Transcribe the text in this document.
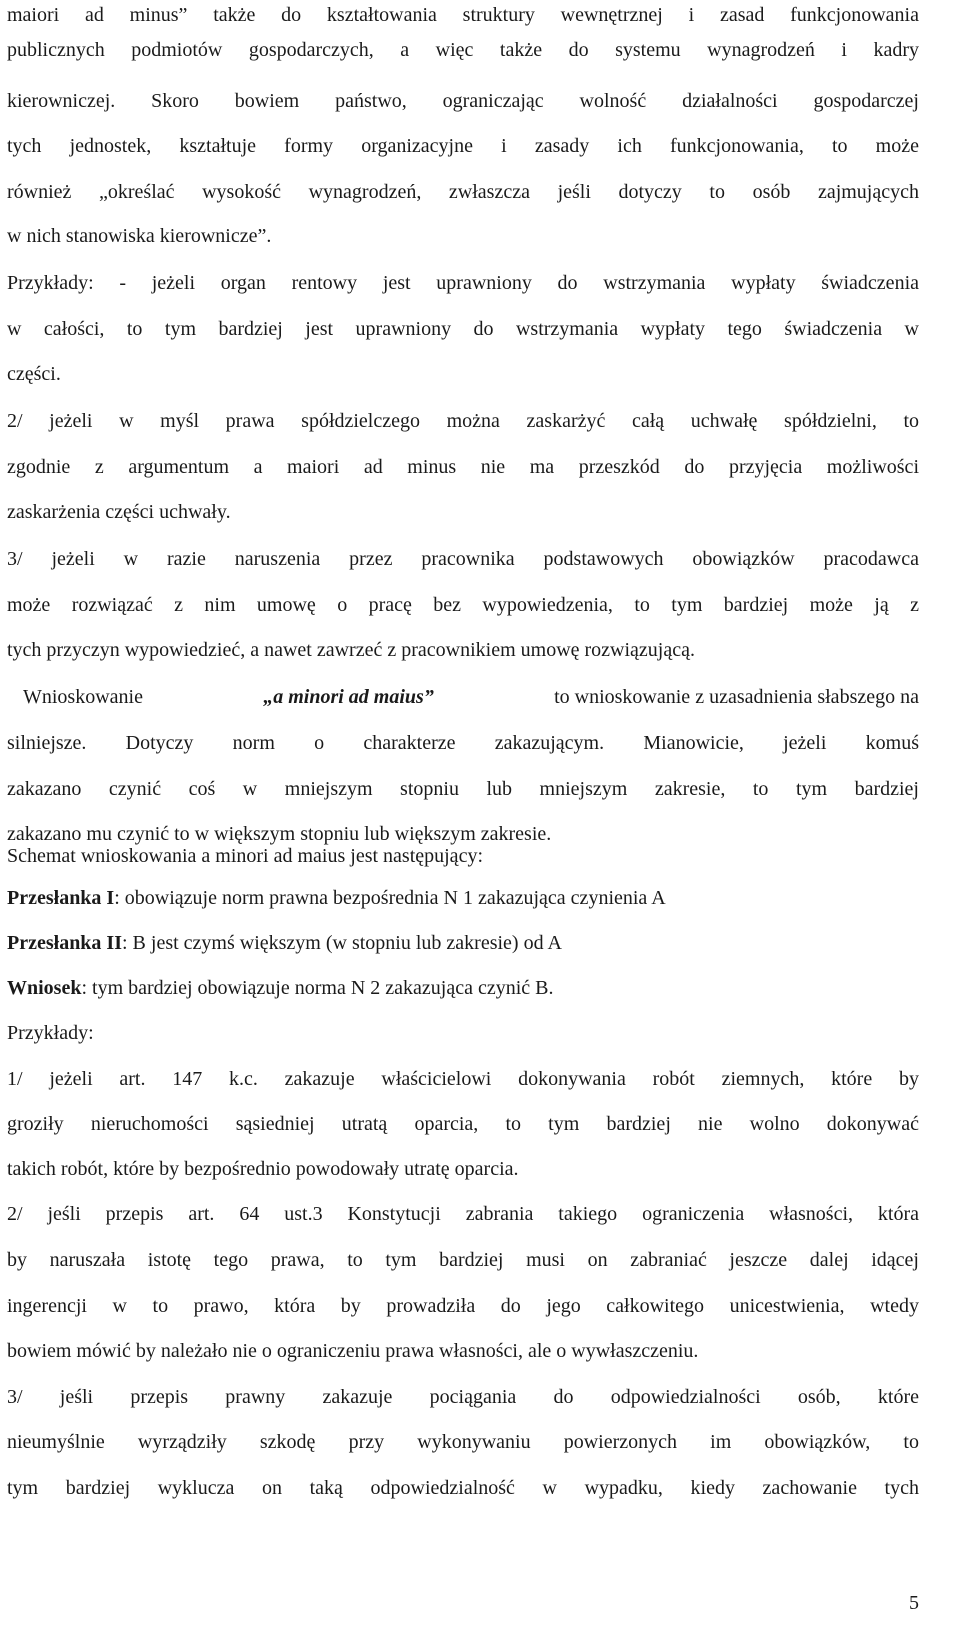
maiori ad minus” także do kształtowania struktury wewnętrznej i zasad funkcjonowania
publicznych podmiotów gospodarczych, a więc także do systemu wynagrodzeń i kadry
kierowniczej. Skoro bowiem państwo, ograniczając wolność działalności gospodarczej
tych jednostek, kształtuje formy organizacyjne i zasady ich funkcjonowania, to może
również „określać wysokość wynagrodzeń, zwłaszcza jeśli dotyczy to osób zajmujących
w nich stanowiska kierownicze”.
Przykłady: - jeżeli organ rentowy jest uprawniony do wstrzymania wypłaty świadczenia
w całości, to tym bardziej jest uprawniony do wstrzymania wypłaty tego świadczenia w
części.
2/ jeżeli w myśl prawa spółdzielczego można zaskarżyć całą uchwałę spółdzielni, to
zgodnie z argumentum a maiori ad minus nie ma przeszkód do przyjęcia możliwości
zaskarżenia części uchwały.
3/ jeżeli w razie naruszenia przez pracownika podstawowych obowiązków pracodawca
może rozwiązać z nim umowę o pracę bez wypowiedzenia, to tym bardziej może ją z
tych przyczyn wypowiedzieć, a nawet zawrzeć z pracownikiem umowę rozwiązującą.
Wnioskowanie	„a minori ad maius”	to wnioskowanie z uzasadnienia słabszego na
silniejsze. Dotyczy norm o charakterze zakazującym. Mianowicie, jeżeli komuś
zakazano czynić coś w mniejszym stopniu lub mniejszym zakresie, to tym bardziej
zakazano mu czynić to w większym stopniu lub większym zakresie.
Schemat wnioskowania a minori ad maius jest następujący:
Przesłanka I: obowiązuje norm prawna bezpośrednia N 1 zakazująca czynienia A
Przesłanka II: B jest czymś większym (w stopniu lub zakresie) od A
Wniosek: tym bardziej obowiązuje norma N 2 zakazująca czynić B.
Przykłady:
1/ jeżeli art. 147 k.c. zakazuje właścicielowi dokonywania robót ziemnych, które by
groziły nieruchomości sąsiedniej utratą oparcia, to tym bardziej nie wolno dokonywać
takich robót, które by bezpośrednio powodowały utratę oparcia.
2/ jeśli przepis art. 64 ust.3 Konstytucji zabrania takiego ograniczenia własności, która
by naruszała istotę tego prawa, to tym bardziej musi on zabraniać jeszcze dalej idącej
ingerencji w to prawo, która by prowadziła do jego całkowitego unicestwienia, wtedy
bowiem mówić by należało nie o ograniczeniu prawa własności, ale o wywłaszczeniu.
3/ jeśli przepis prawny zakazuje pociągania do odpowiedzialności osób, które
nieumyślnie wyrządziły szkodę przy wykonywaniu powierzonych im obowiązków, to
tym bardziej wyklucza on taką odpowiedzialność w wypadku, kiedy zachowanie tych
5
